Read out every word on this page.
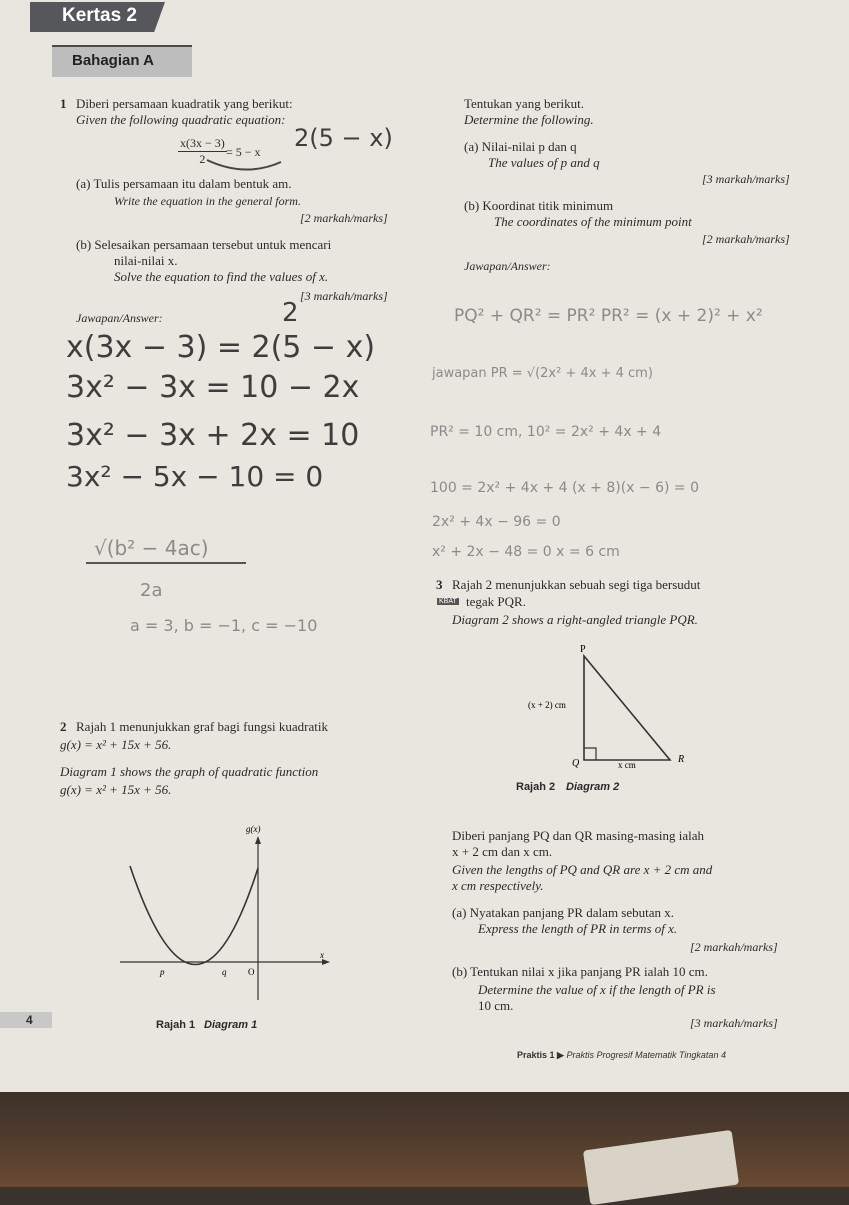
Kertas 2
Bahagian A
1 Diberi persamaan kuadratik yang berikut:
Given the following quadratic equation:
$\frac{x(3x - 3)}{2} = 5 - x$ 2(5 − x)
(a) Tulis persamaan itu dalam bentuk am.
Write the equation in the general form.
[2 markah/marks]
(b) Selesaikan persamaan tersebut untuk mencari
nilai-nilai x.
Solve the equation to find the values of x.
[3 markah/marks]
Jawapan/Answer:	2
x(3x − 3) = 2(5 − x)
3x² − 3x = 10 − 2x
3x² − 3x + 2x = 10
3x² − 5x − 10 = 0
√(b² − 4ac)
2a
a = 3, b = −1, c = −10
Tentukan yang berikut.
Determine the following.
(a) Nilai-nilai p dan q
The values of p and q
[3 markah/marks]
(b) Koordinat titik minimum
The coordinates of the minimum point
[2 markah/marks]
Jawapan/Answer:
PQ² + QR² = PR² PR² = (x + 2)² + x²
jawapan PR = √(2x² + 4x + 4 cm)
PR² = 10 cm, 10² = 2x² + 4x + 4
100 = 2x² + 4x + 4 (x + 8)(x − 6) = 0
2x² + 4x − 96 = 0
x² + 2x − 48 = 0 x = 6 cm
3 Rajah 2 menunjukkan sebuah segi tiga bersudut
KBAT tegak PQR.
Diagram 2 shows a right-angled triangle PQR.
P
Q	R
(x + 2) cm
x cm
Rajah 2 Diagram 2
Diberi panjang PQ dan QR masing-masing ialah
x + 2 cm dan x cm.
Given the lengths of PQ and QR are x + 2 cm and
x cm respectively.
(a) Nyatakan panjang PR dalam sebutan x.
Express the length of PR in terms of x.
[2 markah/marks]
(b) Tentukan nilai x jika panjang PR ialah 10 cm.
Determine the value of x if the length of PR is
10 cm.
[3 markah/marks]
2 Rajah 1 menunjukkan graf bagi fungsi kuadratik
g(x) = x² + 15x + 56.
Diagram 1 shows the graph of quadratic function
g(x) = x² + 15x + 56.
g(x)
x
p	q O
Rajah 1 Diagram 1
4
Praktis 1 ▶ Praktis Progresif Matematik Tingkatan 4
